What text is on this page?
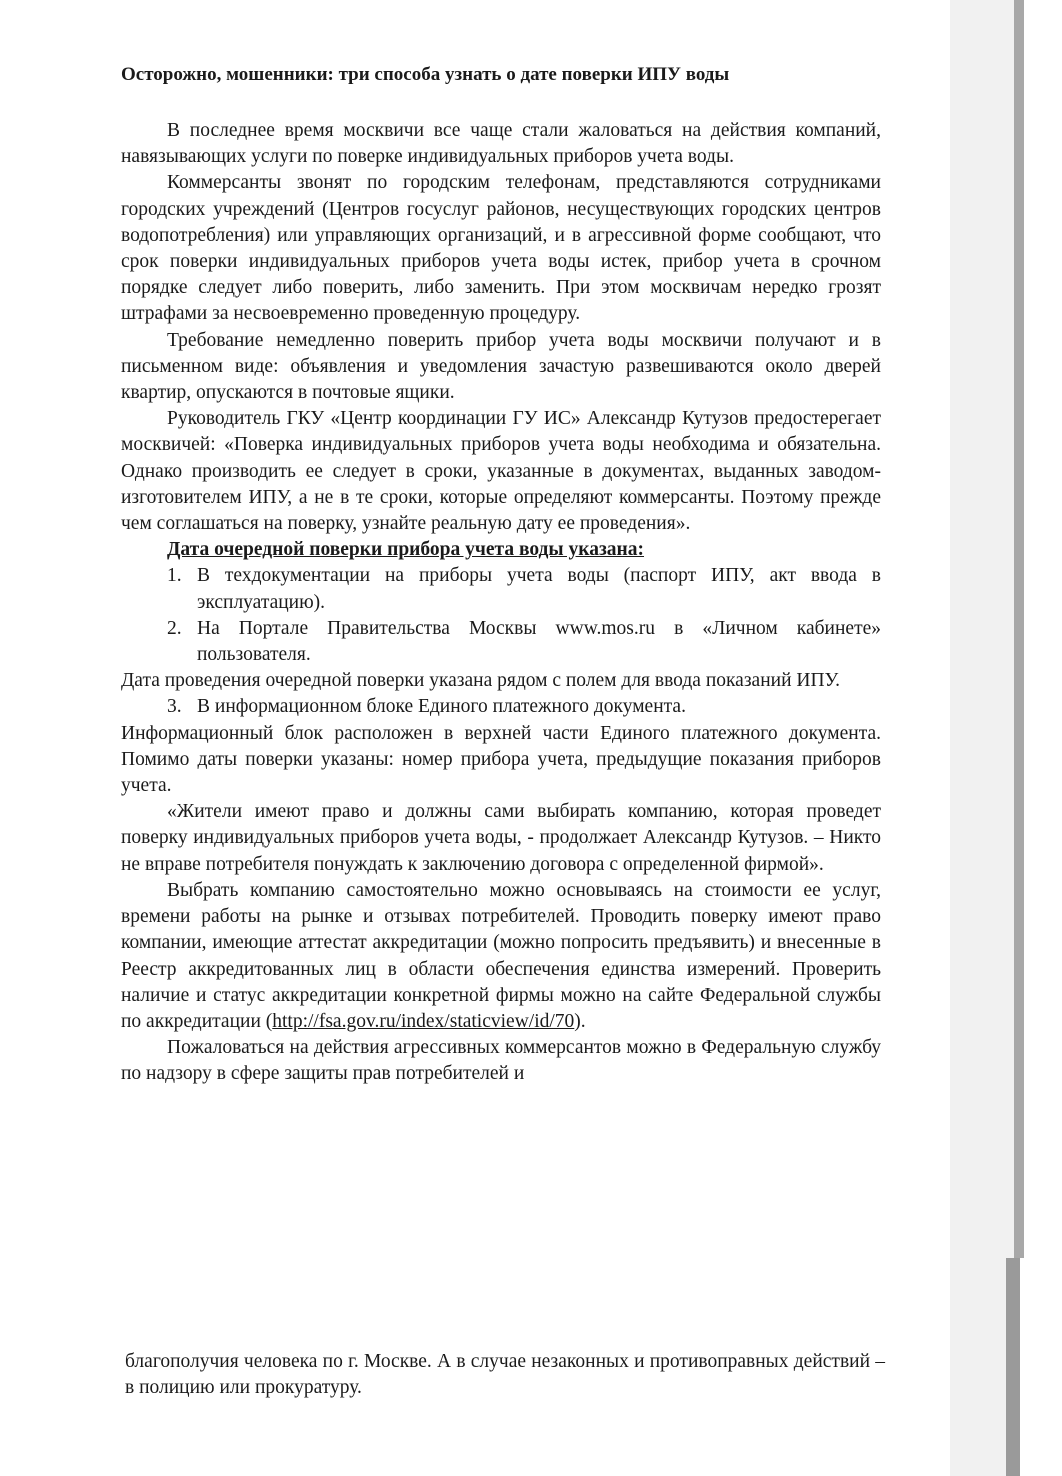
Осторожно, мошенники: три способа узнать о дате поверки ИПУ воды

В последнее время москвичи все чаще стали жаловаться на действия компаний, навязывающих услуги по поверке индивидуальных приборов учета воды.

Коммерсанты звонят по городским телефонам, представляются сотрудниками городских учреждений (Центров госуслуг районов, несуществующих городских центров водопотребления) или управляющих организаций, и в агрессивной форме сообщают, что срок поверки индивидуальных приборов учета воды истек, прибор учета в срочном порядке следует либо поверить, либо заменить. При этом москвичам нередко грозят штрафами за несвоевременно проведенную процедуру.

Требование немедленно поверить прибор учета воды москвичи получают и в письменном виде: объявления и уведомления зачастую развешиваются около дверей квартир, опускаются в почтовые ящики.

Руководитель ГКУ «Центр координации ГУ ИС» Александр Кутузов предостерегает москвичей: «Поверка индивидуальных приборов учета воды необходима и обязательна. Однако производить ее следует в сроки, указанные в документах, выданных заводом-изготовителем ИПУ, а не в те сроки, которые определяют коммерсанты. Поэтому прежде чем соглашаться на поверку, узнайте реальную дату ее проведения».

Дата очередной поверки прибора учета воды указана:
1. В техдокументации на приборы учета воды (паспорт ИПУ, акт ввода в эксплуатацию).
2. На Портале Правительства Москвы www.mos.ru в «Личном кабинете» пользователя.

Дата проведения очередной поверки указана рядом с полем для ввода показаний ИПУ.

3. В информационном блоке Единого платежного документа.

Информационный блок расположен в верхней части Единого платежного документа. Помимо даты поверки указаны: номер прибора учета, предыдущие показания приборов учета.

«Жители имеют право и должны сами выбирать компанию, которая проведет поверку индивидуальных приборов учета воды, - продолжает Александр Кутузов. – Никто не вправе потребителя понуждать к заключению договора с определенной фирмой».

Выбрать компанию самостоятельно можно основываясь на стоимости ее услуг, времени работы на рынке и отзывах потребителей. Проводить поверку имеют право компании, имеющие аттестат аккредитации (можно попросить предъявить) и внесенные в Реестр аккредитованных лиц в области обеспечения единства измерений. Проверить наличие и статус аккредитации конкретной фирмы можно на сайте Федеральной службы по аккредитации (http://fsa.gov.ru/index/staticview/id/70).

Пожаловаться на действия агрессивных коммерсантов можно в Федеральную службу по надзору в сфере защиты прав потребителей и

благополучия человека по г. Москве. А в случае незаконных и противоправных действий – в полицию или прокуратуру.
